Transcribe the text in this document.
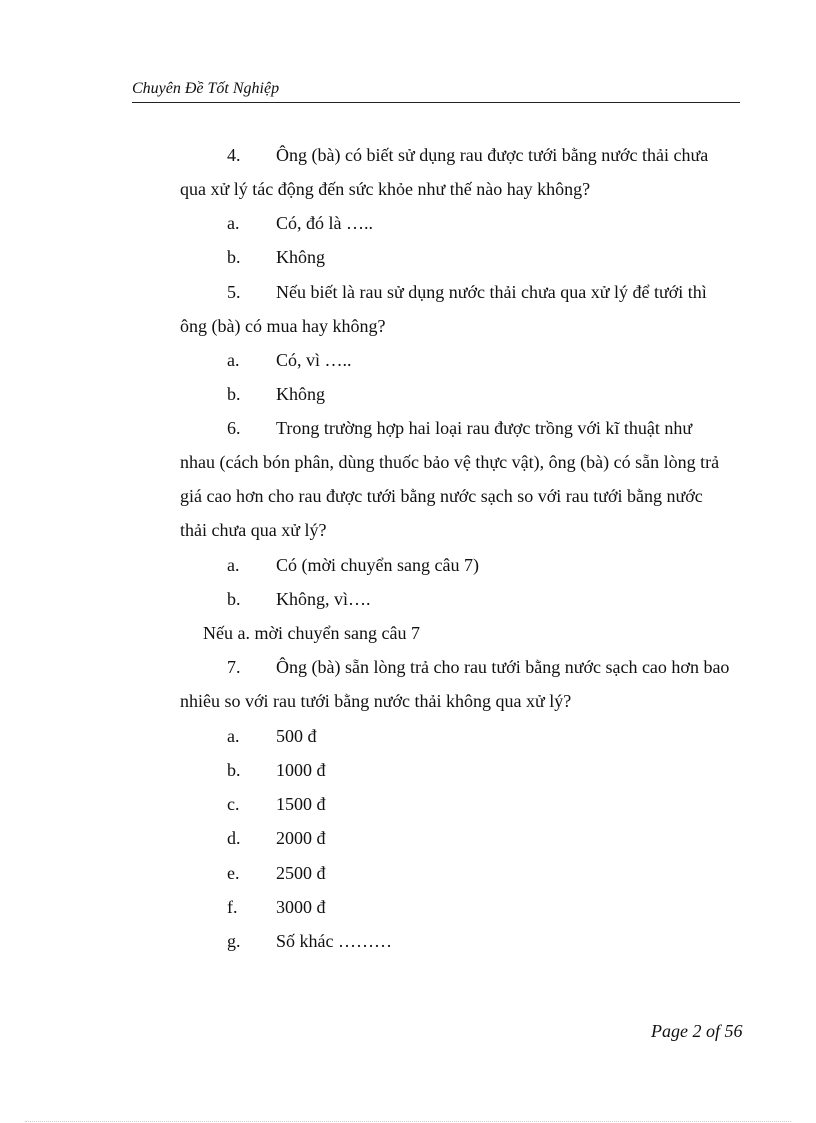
Chuyên Đề Tốt Nghiệp
4.	Ông (bà) có biết sử dụng rau được tưới bằng nước thải chưa
qua xử lý tác động đến sức khỏe như thế nào hay không?
a.	Có, đó là …..
b.	Không
5.	Nếu biết là rau sử dụng nước thải chưa qua xử lý để tưới thì
ông (bà) có mua hay không?
a.	Có, vì …..
b.	Không
6.	Trong trường hợp hai loại rau được trồng với kĩ thuật như
nhau (cách bón phân, dùng thuốc bảo vệ thực vật), ông (bà) có sẵn lòng trả
giá cao hơn cho rau được tưới bằng nước sạch so với rau tưới bằng nước
thải chưa qua xử lý?
a.	Có (mời chuyển sang câu 7)
b.	Không, vì….
Nếu a. mời chuyển sang câu 7
7.	Ông (bà) sẵn lòng trả cho rau tưới bằng nước sạch cao hơn bao
nhiêu so với rau tưới bằng nước thải không qua xử lý?
a.	500 đ
b.	1000 đ
c.	1500 đ
d.	2000 đ
e.	2500 đ
f.	3000 đ
g.	Số khác ………
Page 2 of 56
